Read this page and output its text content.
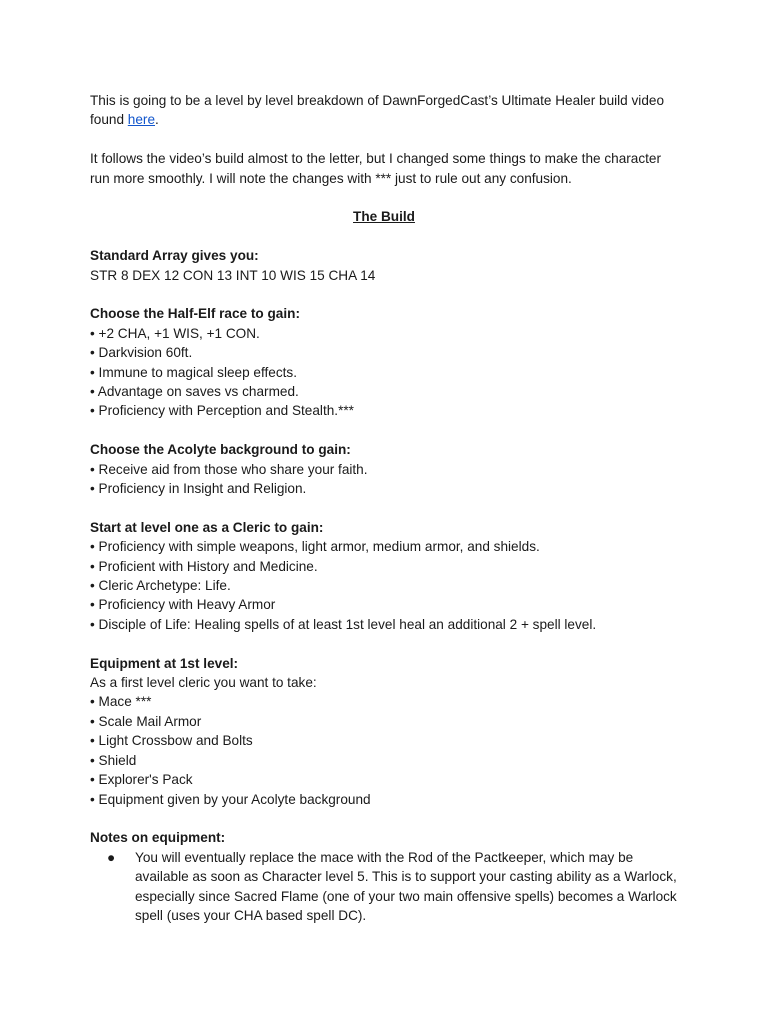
This is going to be a level by level breakdown of DawnForgedCast’s Ultimate Healer build video found here.

It follows the video’s build almost to the letter, but I changed some things to make the character run more smoothly. I will note the changes with *** just to rule out any confusion.

The Build

Standard Array gives you:

STR 8 DEX 12 CON 13 INT 10 WIS 15 CHA 14

Choose the Half-Elf race to gain:

• +2 CHA, +1 WIS, +1 CON.
• Darkvision 60ft.
• Immune to magical sleep effects.
• Advantage on saves vs charmed.
• Proficiency with Perception and Stealth.***

Choose the Acolyte background to gain:

• Receive aid from those who share your faith.
• Proficiency in Insight and Religion.

Start at level one as a Cleric to gain:

• Proficiency with simple weapons, light armor, medium armor, and shields.
• Proficient with History and Medicine.
• Cleric Archetype: Life.
• Proficiency with Heavy Armor
• Disciple of Life: Healing spells of at least 1st level heal an additional 2 + spell level.

Equipment at 1st level:

As a first level cleric you want to take:

• Mace ***
• Scale Mail Armor
• Light Crossbow and Bolts
• Shield
• Explorer's Pack
• Equipment given by your Acolyte background

Notes on equipment:

● You will eventually replace the mace with the Rod of the Pactkeeper, which may be available as soon as Character level 5. This is to support your casting ability as a Warlock, especially since Sacred Flame (one of your two main offensive spells) becomes a Warlock spell (uses your CHA based spell DC).
